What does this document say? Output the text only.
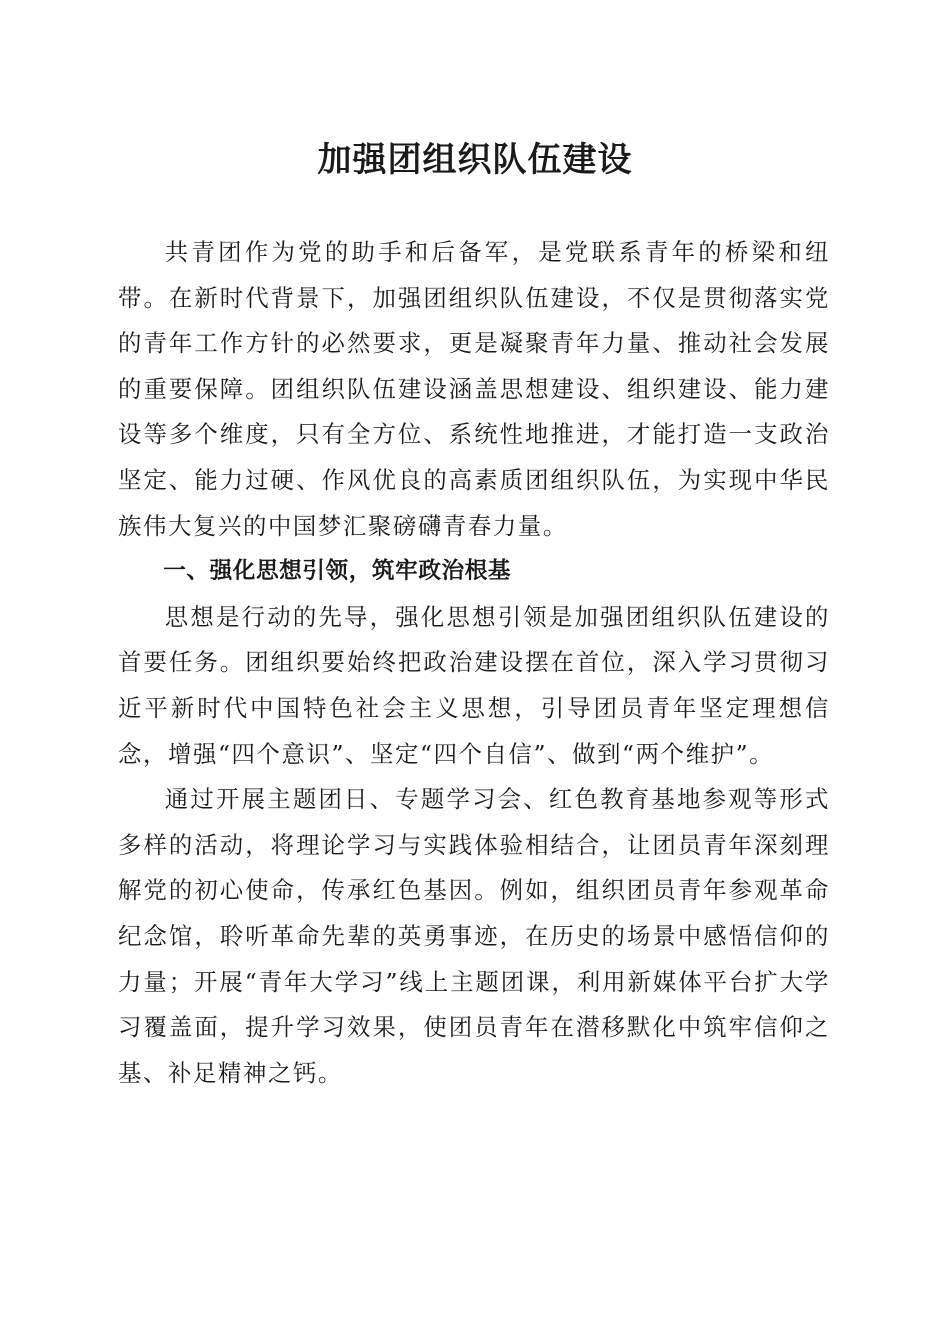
加强团组织队伍建设

共青团作为党的助手和后备军，是党联系青年的桥梁和纽带。在新时代背景下，加强团组织队伍建设，不仅是贯彻落实党的青年工作方针的必然要求，更是凝聚青年力量、推动社会发展的重要保障。团组织队伍建设涵盖思想建设、组织建设、能力建设等多个维度，只有全方位、系统性地推进，才能打造一支政治坚定、能力过硬、作风优良的高素质团组织队伍，为实现中华民族伟大复兴的中国梦汇聚磅礴青春力量。

一、强化思想引领，筑牢政治根基

思想是行动的先导，强化思想引领是加强团组织队伍建设的首要任务。团组织要始终把政治建设摆在首位，深入学习贯彻习近平新时代中国特色社会主义思想，引导团员青年坚定理想信念，增强“四个意识”、坚定“四个自信”、做到“两个维护”。

通过开展主题团日、专题学习会、红色教育基地参观等形式多样的活动，将理论学习与实践体验相结合，让团员青年深刻理解党的初心使命，传承红色基因。例如，组织团员青年参观革命纪念馆，聆听革命先辈的英勇事迹，在历史的场景中感悟信仰的力量；开展“青年大学习”线上主题团课，利用新媒体平台扩大学习覆盖面，提升学习效果，使团员青年在潜移默化中筑牢信仰之基、补足精神之钙。
